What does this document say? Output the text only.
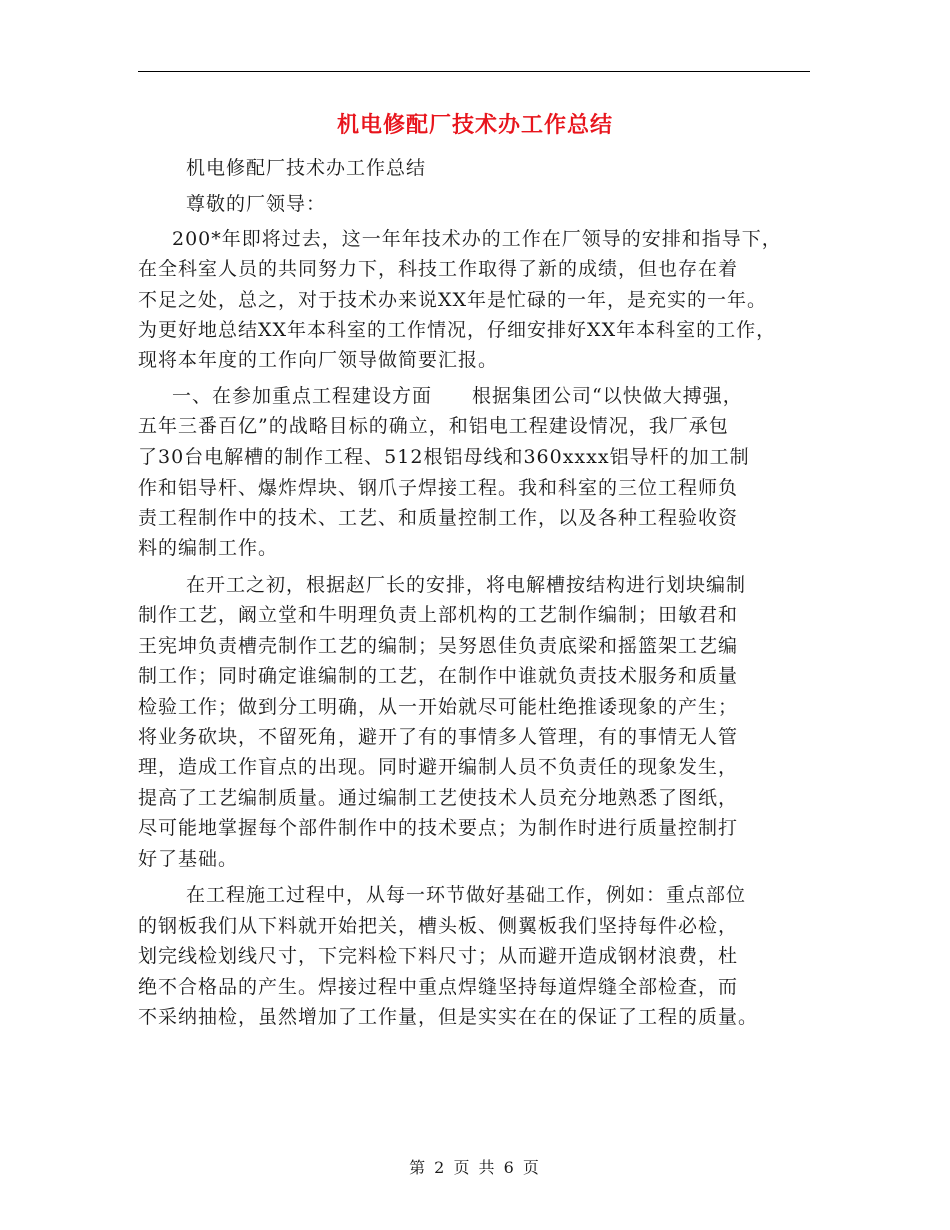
机电修配厂技术办工作总结
机电修配厂技术办工作总结
尊敬的厂领导：
200*年即将过去，这一年年技术办的工作在厂领导的安排和指导下，
在全科室人员的共同努力下，科技工作取得了新的成绩，但也存在着
不足之处，总之，对于技术办来说XX年是忙碌的一年，是充实的一年。
为更好地总结XX年本科室的工作情况，仔细安排好XX年本科室的工作，
现将本年度的工作向厂领导做简要汇报。
一、在参加重点工程建设方面　　根据集团公司“以快做大搏强，
五年三番百亿”的战略目标的确立，和铝电工程建设情况，我厂承包
了30台电解槽的制作工程、512根铝母线和360xxxx铝导杆的加工制
作和铝导杆、爆炸焊块、钢爪子焊接工程。我和科室的三位工程师负
责工程制作中的技术、工艺、和质量控制工作，以及各种工程验收资
料的编制工作。
在开工之初，根据赵厂长的安排，将电解槽按结构进行划块编制
制作工艺，阚立堂和牛明理负责上部机构的工艺制作编制；田敏君和
王宪坤负责槽壳制作工艺的编制；吴努恩佳负责底梁和摇篮架工艺编
制工作；同时确定谁编制的工艺，在制作中谁就负责技术服务和质量
检验工作；做到分工明确，从一开始就尽可能杜绝推诿现象的产生；
将业务砍块，不留死角，避开了有的事情多人管理，有的事情无人管
理，造成工作盲点的出现。同时避开编制人员不负责任的现象发生，
提高了工艺编制质量。通过编制工艺使技术人员充分地熟悉了图纸，
尽可能地掌握每个部件制作中的技术要点；为制作时进行质量控制打
好了基础。
在工程施工过程中，从每一环节做好基础工作，例如：重点部位
的钢板我们从下料就开始把关，槽头板、侧翼板我们坚持每件必检，
划完线检划线尺寸，下完料检下料尺寸；从而避开造成钢材浪费，杜
绝不合格品的产生。焊接过程中重点焊缝坚持每道焊缝全部检查，而
不采纳抽检，虽然增加了工作量，但是实实在在的保证了工程的质量。
第 2 页 共 6 页
